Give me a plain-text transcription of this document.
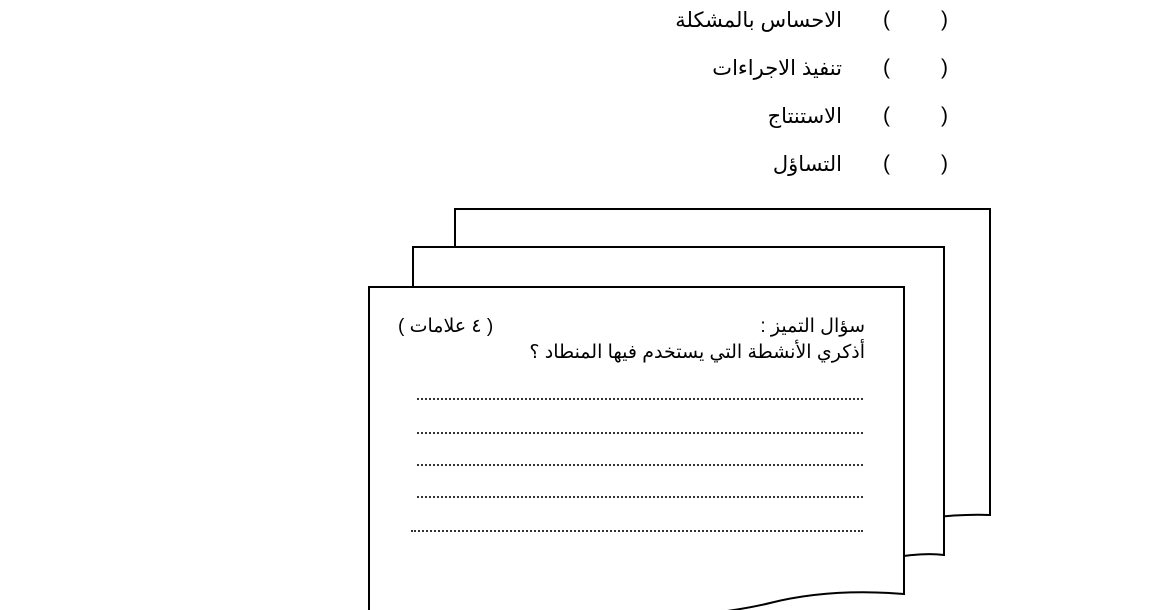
(
)
الاحساس بالمشكلة
(
)
تنفيذ الاجراءات
(
)
الاستنتاج
(
)
التساؤل
سؤال التميز :
( ٤ علامات )
أذكري الأنشطة التي يستخدم فيها المنطاد ؟
